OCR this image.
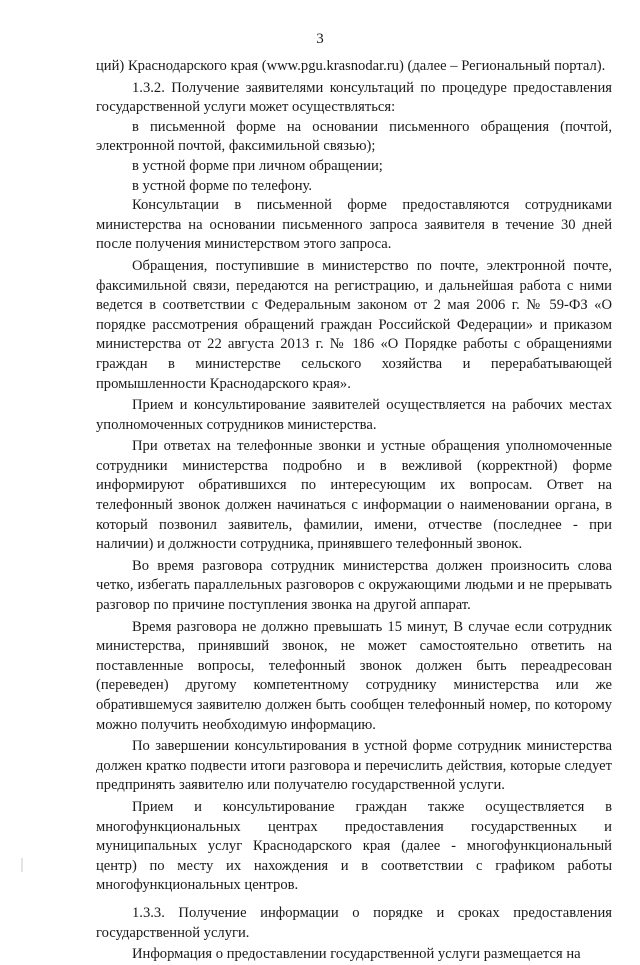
3

ций) Краснодарского края (www.pgu.krasnodar.ru) (далее – Региональный портал).

1.3.2. Получение заявителями консультаций по процедуре предоставления государственной услуги может осуществляться:

в письменной форме на основании письменного обращения (почтой, электронной почтой, факсимильной связью);

в устной форме при личном обращении;

в устной форме по телефону.

Консультации в письменной форме предоставляются сотрудниками министерства на основании письменного запроса заявителя в течение 30 дней после получения министерством этого запроса.

Обращения, поступившие в министерство по почте, электронной почте, факсимильной связи, передаются на регистрацию, и дальнейшая работа с ними ведется в соответствии с Федеральным законом от 2 мая 2006 г. № 59-ФЗ «О порядке рассмотрения обращений граждан Российской Федерации» и приказом министерства от 22 августа 2013 г. № 186 «О Порядке работы с обращениями граждан в министерстве сельского хозяйства и перерабатывающей промышленности Краснодарского края».

Прием и консультирование заявителей осуществляется на рабочих местах уполномоченных сотрудников министерства.

При ответах на телефонные звонки и устные обращения уполномоченные сотрудники министерства подробно и в вежливой (корректной) форме информируют обратившихся по интересующим их вопросам. Ответ на телефонный звонок должен начинаться с информации о наименовании органа, в который позвонил заявитель, фамилии, имени, отчестве (последнее - при наличии) и должности сотрудника, принявшего телефонный звонок.

Во время разговора сотрудник министерства должен произносить слова четко, избегать параллельных разговоров с окружающими людьми и не прерывать разговор по причине поступления звонка на другой аппарат.

Время разговора не должно превышать 15 минут, В случае если сотрудник министерства, принявший звонок, не может самостоятельно ответить на поставленные вопросы, телефонный звонок должен быть переадресован (переведен) другому компетентному сотруднику министерства или же обратившемуся заявителю должен быть сообщен телефонный номер, по которому можно получить необходимую информацию.

По завершении консультирования в устной форме сотрудник министерства должен кратко подвести итоги разговора и перечислить действия, которые следует предпринять заявителю или получателю государственной услуги.

Прием и консультирование граждан также осуществляется в многофункциональных центрах предоставления государственных и муниципальных услуг Краснодарского края (далее - многофункциональный центр) по месту их нахождения и в соответствии с графиком работы многофункциональных центров.

1.3.3. Получение информации о порядке и сроках предоставления государственной услуги.

Информация о предоставлении государственной услуги размещается на
